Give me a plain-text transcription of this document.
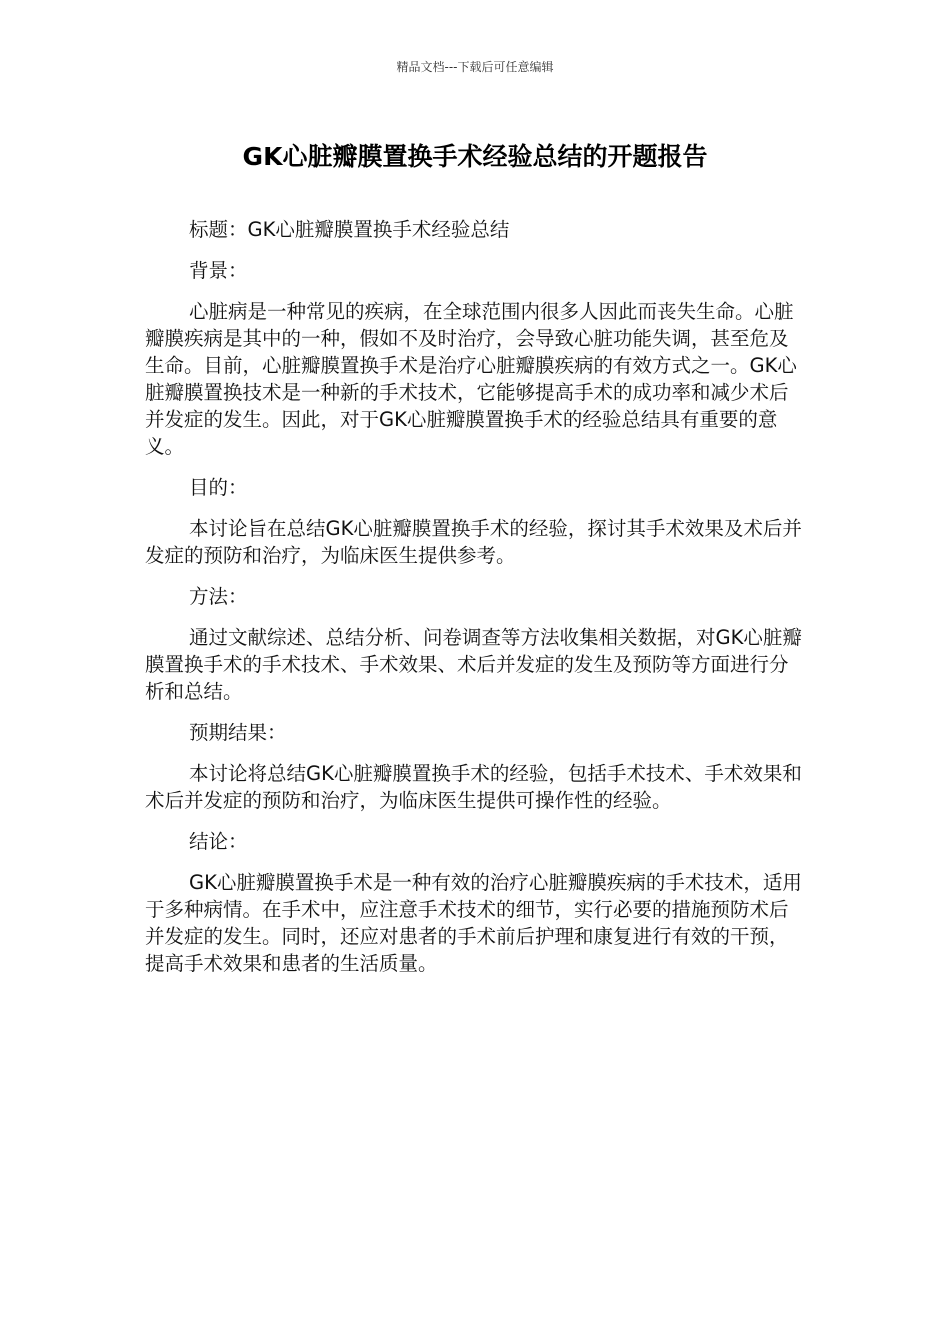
精品文档---下载后可任意编辑
GK心脏瓣膜置换手术经验总结的开题报告

标题：GK心脏瓣膜置换手术经验总结

背景：

心脏病是一种常见的疾病，在全球范围内很多人因此而丧失生命。心脏瓣膜疾病是其中的一种，假如不及时治疗，会导致心脏功能失调，甚至危及生命。目前，心脏瓣膜置换手术是治疗心脏瓣膜疾病的有效方式之一。GK心脏瓣膜置换技术是一种新的手术技术，它能够提高手术的成功率和减少术后并发症的发生。因此，对于GK心脏瓣膜置换手术的经验总结具有重要的意义。

目的：

本讨论旨在总结GK心脏瓣膜置换手术的经验，探讨其手术效果及术后并发症的预防和治疗，为临床医生提供参考。

方法：

通过文献综述、总结分析、问卷调查等方法收集相关数据，对GK心脏瓣膜置换手术的手术技术、手术效果、术后并发症的发生及预防等方面进行分析和总结。

预期结果：

本讨论将总结GK心脏瓣膜置换手术的经验，包括手术技术、手术效果和术后并发症的预防和治疗，为临床医生提供可操作性的经验。

结论：

GK心脏瓣膜置换手术是一种有效的治疗心脏瓣膜疾病的手术技术，适用于多种病情。在手术中，应注意手术技术的细节，实行必要的措施预防术后并发症的发生。同时，还应对患者的手术前后护理和康复进行有效的干预，提高手术效果和患者的生活质量。
